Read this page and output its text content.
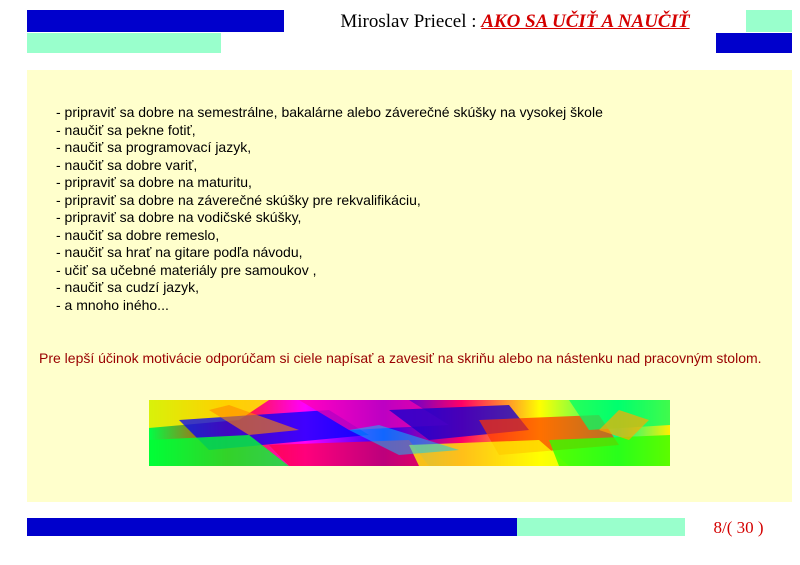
Miroslav Priecel : AKO SA UČIŤ A NAUČIŤ
- pripraviť sa dobre na semestrálne, bakalárne alebo záverečné skúšky na vysokej škole
- naučiť sa pekne fotiť,
- naučiť sa programovací jazyk,
- naučiť sa dobre variť,
- pripraviť sa dobre na maturitu,
- pripraviť sa dobre na záverečné skúšky pre rekvalifikáciu,
- pripraviť sa dobre na vodičské skúšky,
- naučiť sa dobre remeslo,
- naučiť sa hrať na gitare podľa návodu,
- učiť sa učebné materiály pre samoukov ,
- naučiť sa cudzí jazyk,
- a mnoho iného...
Pre lepší účinok motivácie odporúčam si ciele napísať a zavesiť na skriňu alebo na nástenku nad pracovným stolom.
8/( 30 )
